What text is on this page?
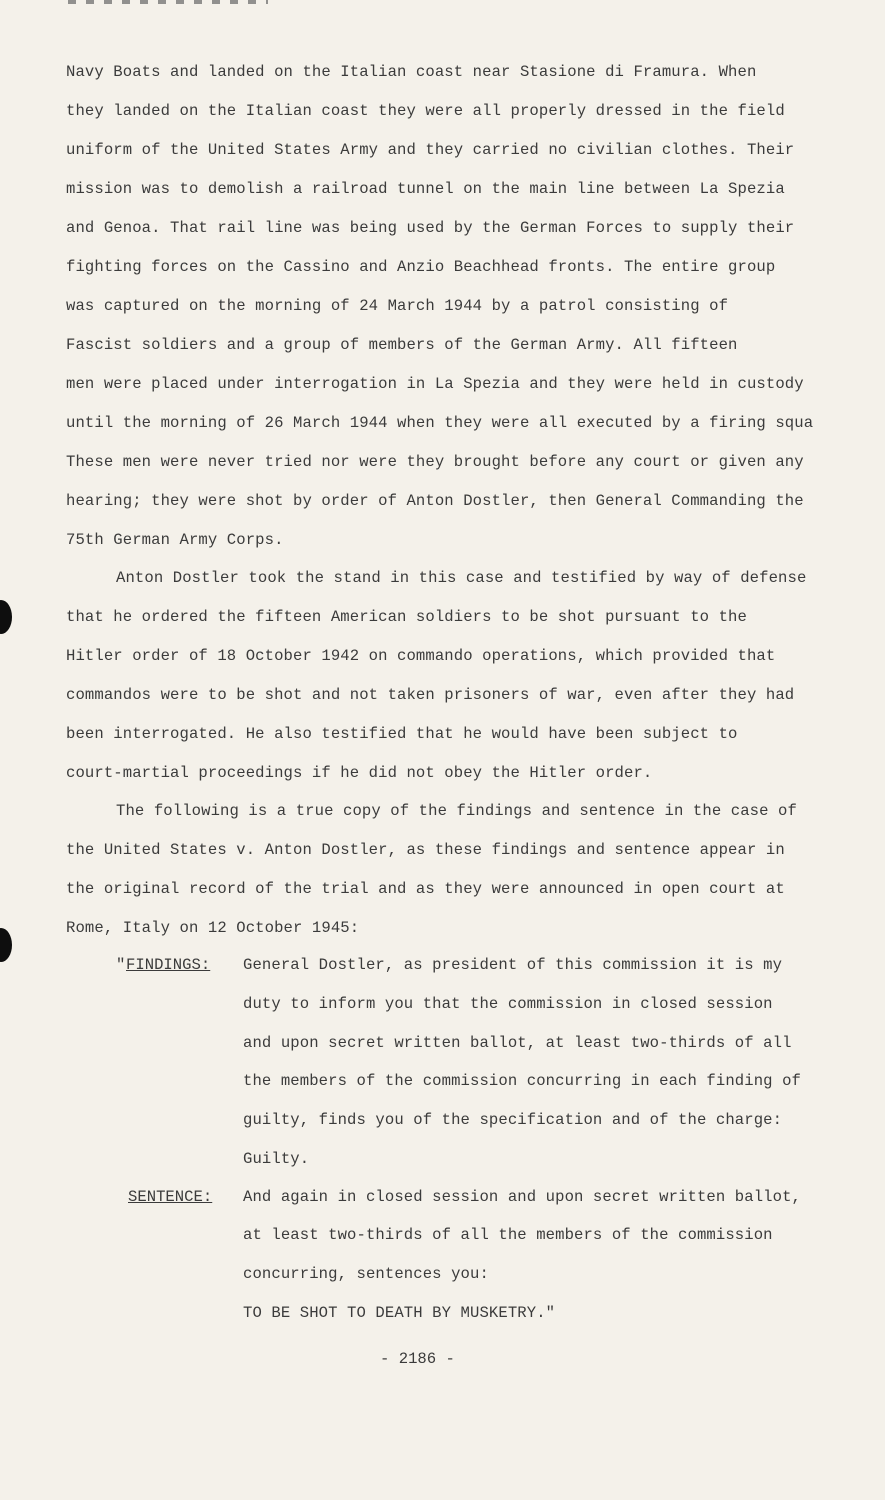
Navy Boats and landed on the Italian coast near Stasione di Framura. When
they landed on the Italian coast they were all properly dressed in the field
uniform of the United States Army and they carried no civilian clothes. Their
mission was to demolish a railroad tunnel on the main line between La Spezia
and Genoa. That rail line was being used by the German Forces to supply their
fighting forces on the Cassino and Anzio Beachhead fronts. The entire group
was captured on the morning of 24 March 1944 by a patrol consisting of
Fascist soldiers and a group of members of the German Army. All fifteen
men were placed under interrogation in La Spezia and they were held in custody
until the morning of 26 March 1944 when they were all executed by a firing squa
These men were never tried nor were they brought before any court or given any
hearing; they were shot by order of Anton Dostler, then General Commanding the
75th German Army Corps.
Anton Dostler took the stand in this case and testified by way of defense
that he ordered the fifteen American soldiers to be shot pursuant to the
Hitler order of 18 October 1942 on commando operations, which provided that
commandos were to be shot and not taken prisoners of war, even after they had
been interrogated. He also testified that he would have been subject to
court-martial proceedings if he did not obey the Hitler order.
The following is a true copy of the findings and sentence in the case of
the United States v. Anton Dostler, as these findings and sentence appear in
the original record of the trial and as they were announced in open court at
Rome, Italy on 12 October 1945:
" FINDINGS: General Dostler, as president of this commission it is my
duty to inform you that the commission in closed session
and upon secret written ballot, at least two-thirds of all
the members of the commission concurring in each finding of
guilty, finds you of the specification and of the charge:
Guilty.
SENTENCE: And again in closed session and upon secret written ballot,
at least two-thirds of all the members of the commission
concurring, sentences you:
TO BE SHOT TO DEATH BY MUSKETRY."
- 2186 -
